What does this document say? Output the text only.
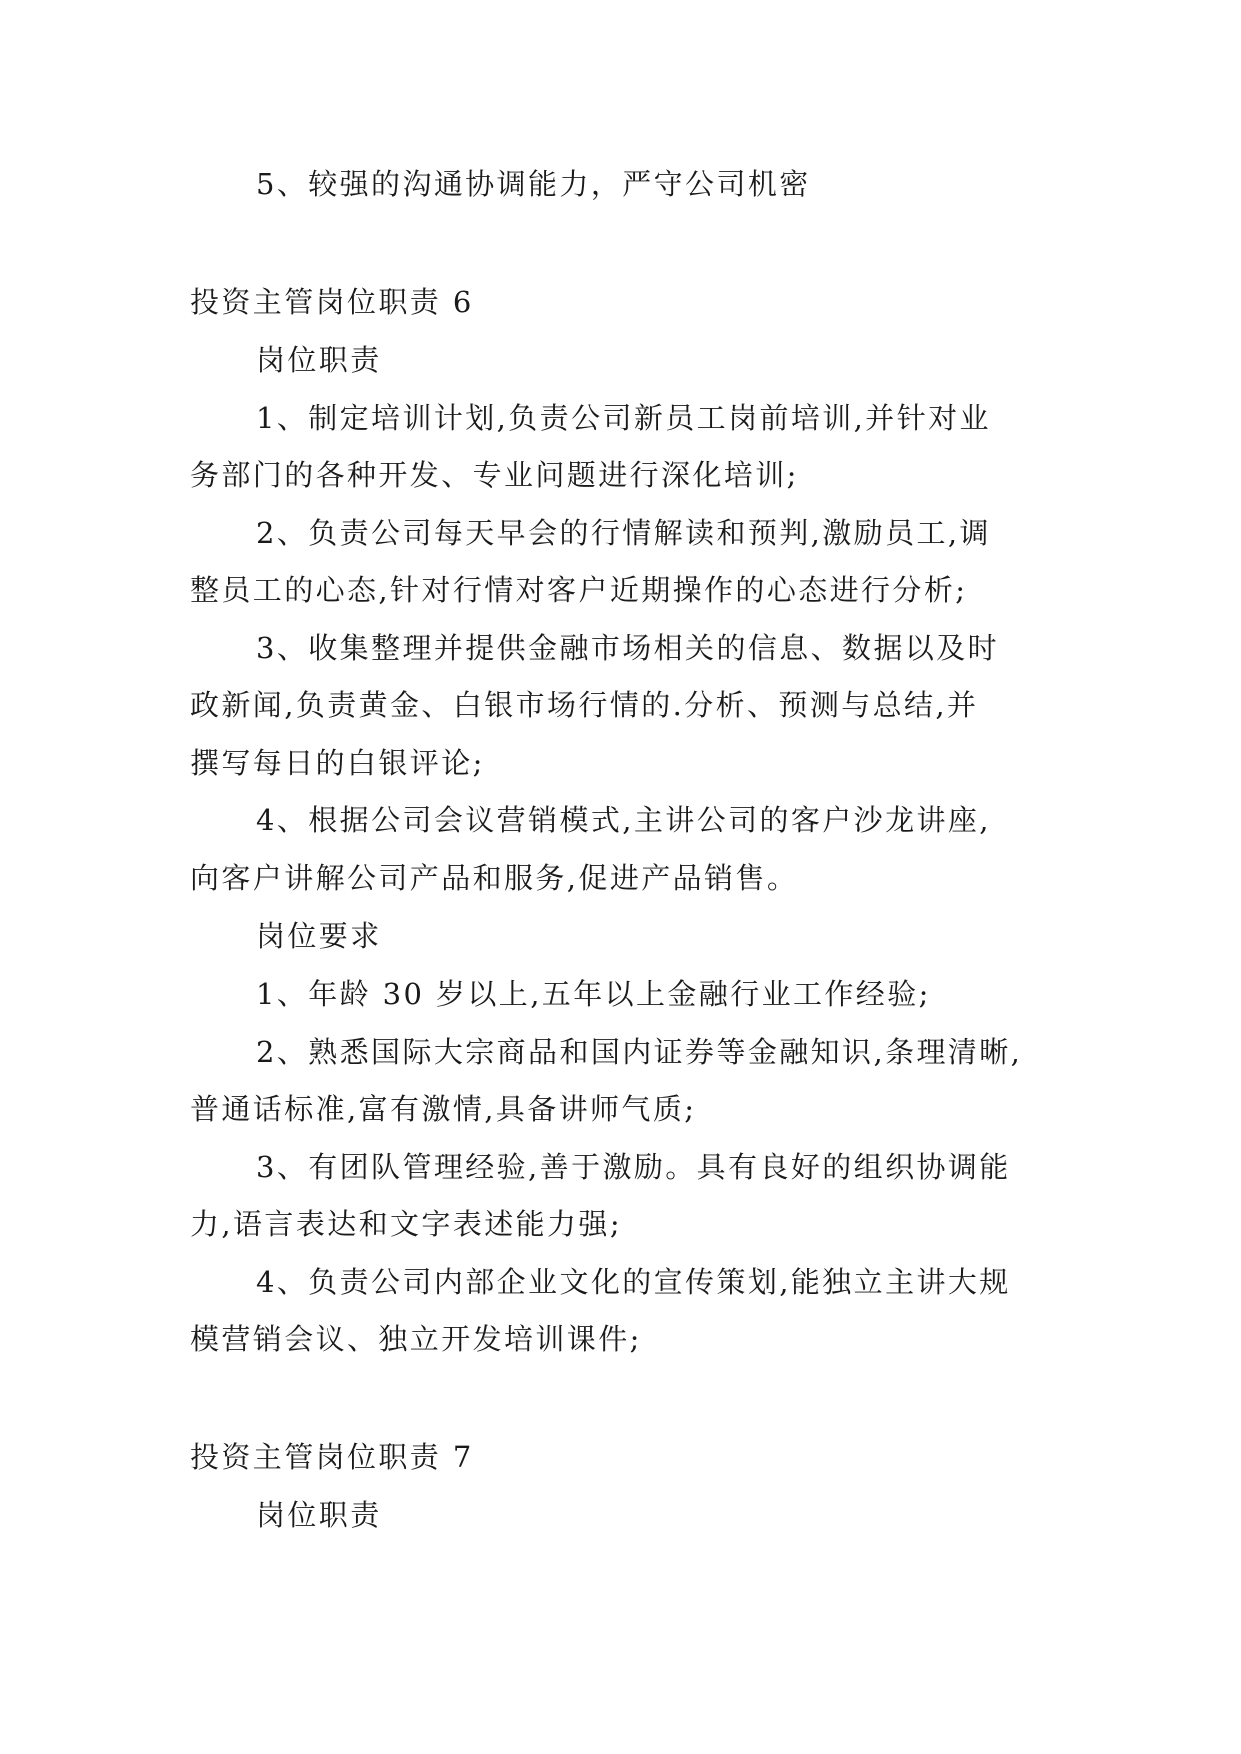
5、较强的沟通协调能力，严守公司机密
投资主管岗位职责 6
岗位职责
1、制定培训计划,负责公司新员工岗前培训,并针对业
务部门的各种开发、专业问题进行深化培训;
2、负责公司每天早会的行情解读和预判,激励员工,调
整员工的心态,针对行情对客户近期操作的心态进行分析;
3、收集整理并提供金融市场相关的信息、数据以及时
政新闻,负责黄金、白银市场行情的.分析、预测与总结,并
撰写每日的白银评论;
4、根据公司会议营销模式,主讲公司的客户沙龙讲座,
向客户讲解公司产品和服务,促进产品销售。
岗位要求
1、年龄 30 岁以上,五年以上金融行业工作经验;
2、熟悉国际大宗商品和国内证券等金融知识,条理清晰,
普通话标准,富有激情,具备讲师气质;
3、有团队管理经验,善于激励。具有良好的组织协调能
力,语言表达和文字表述能力强;
4、负责公司内部企业文化的宣传策划,能独立主讲大规
模营销会议、独立开发培训课件;
投资主管岗位职责 7
岗位职责
